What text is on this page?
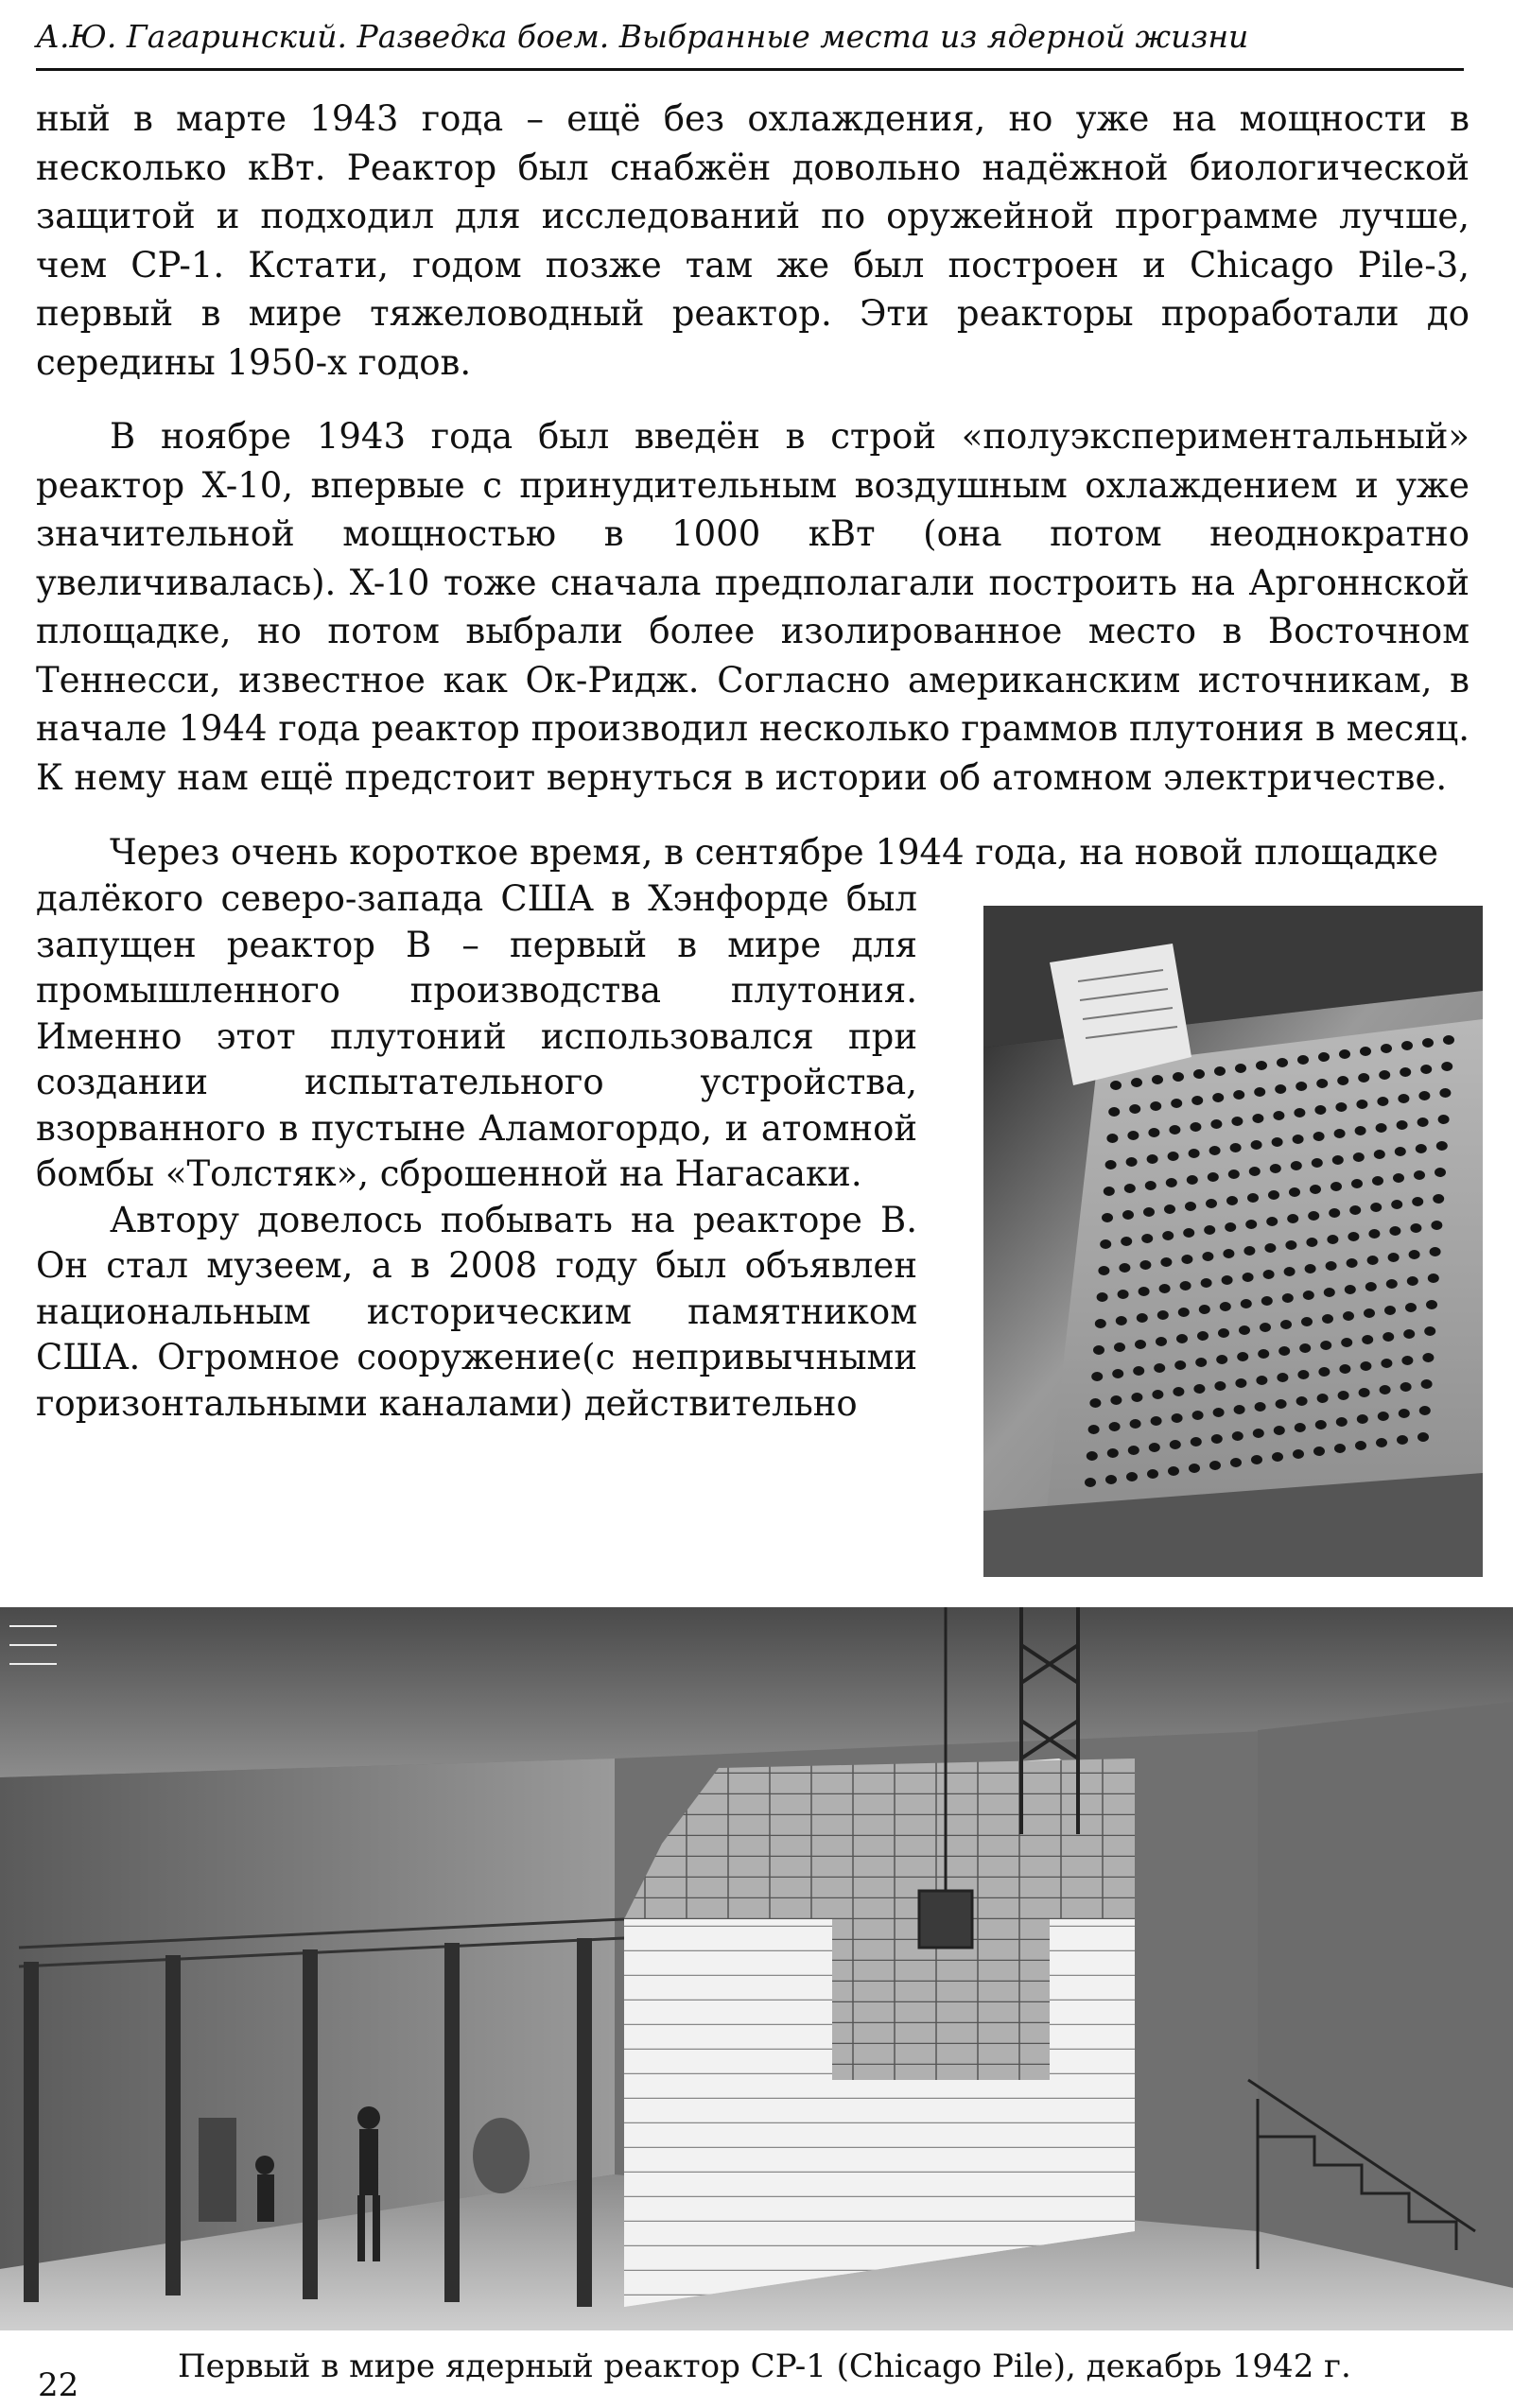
А.Ю. Гагаринский. Разведка боем. Выбранные места из ядерной жизни

ный в марте 1943 года – ещё без охлаждения, но уже на мощности в несколько кВт. Реактор был снабжён довольно надёжной биологической защитой и подходил для исследований по оружейной программе лучше, чем CP-1. Кстати, годом позже там же был построен и Chicago Pile-3, первый в мире тяжеловодный реактор. Эти реакторы проработали до середины 1950-х годов.

В ноябре 1943 года был введён в строй «полуэкспериментальный» реактор X-10, впервые с принудительным воздушным охлаждением и уже значительной мощностью в 1000 кВт (она потом неоднократно увеличивалась). X-10 тоже сначала предполагали построить на Аргоннской площадке, но потом выбрали более изолированное место в Восточном Теннесси, известное как Ок-Ридж. Согласно американским источникам, в начале 1944 года реактор производил несколько граммов плутония в месяц. К нему нам ещё предстоит вернуться в истории об атомном электричестве.

Через очень короткое время, в сентябре 1944 года, на новой площадке

далёкого северо-запада США в Хэнфорде был запущен реактор B – первый в мире для промышленного производства плутония. Именно этот плутоний использовался при создании испытательного устройства, взорванного в пустыне Аламогордо, и атомной бомбы «Толстяк», сброшенной на Нагасаки.

Автору довелось побывать на реакторе B. Он стал музеем, а в 2008 году был объявлен национальным историческим памятником США. Огромное сооружение(с непривычными горизонтальными каналами) действительно

Первый в мире ядерный реактор CP-1 (Chicago Pile), декабрь 1942 г.
22
